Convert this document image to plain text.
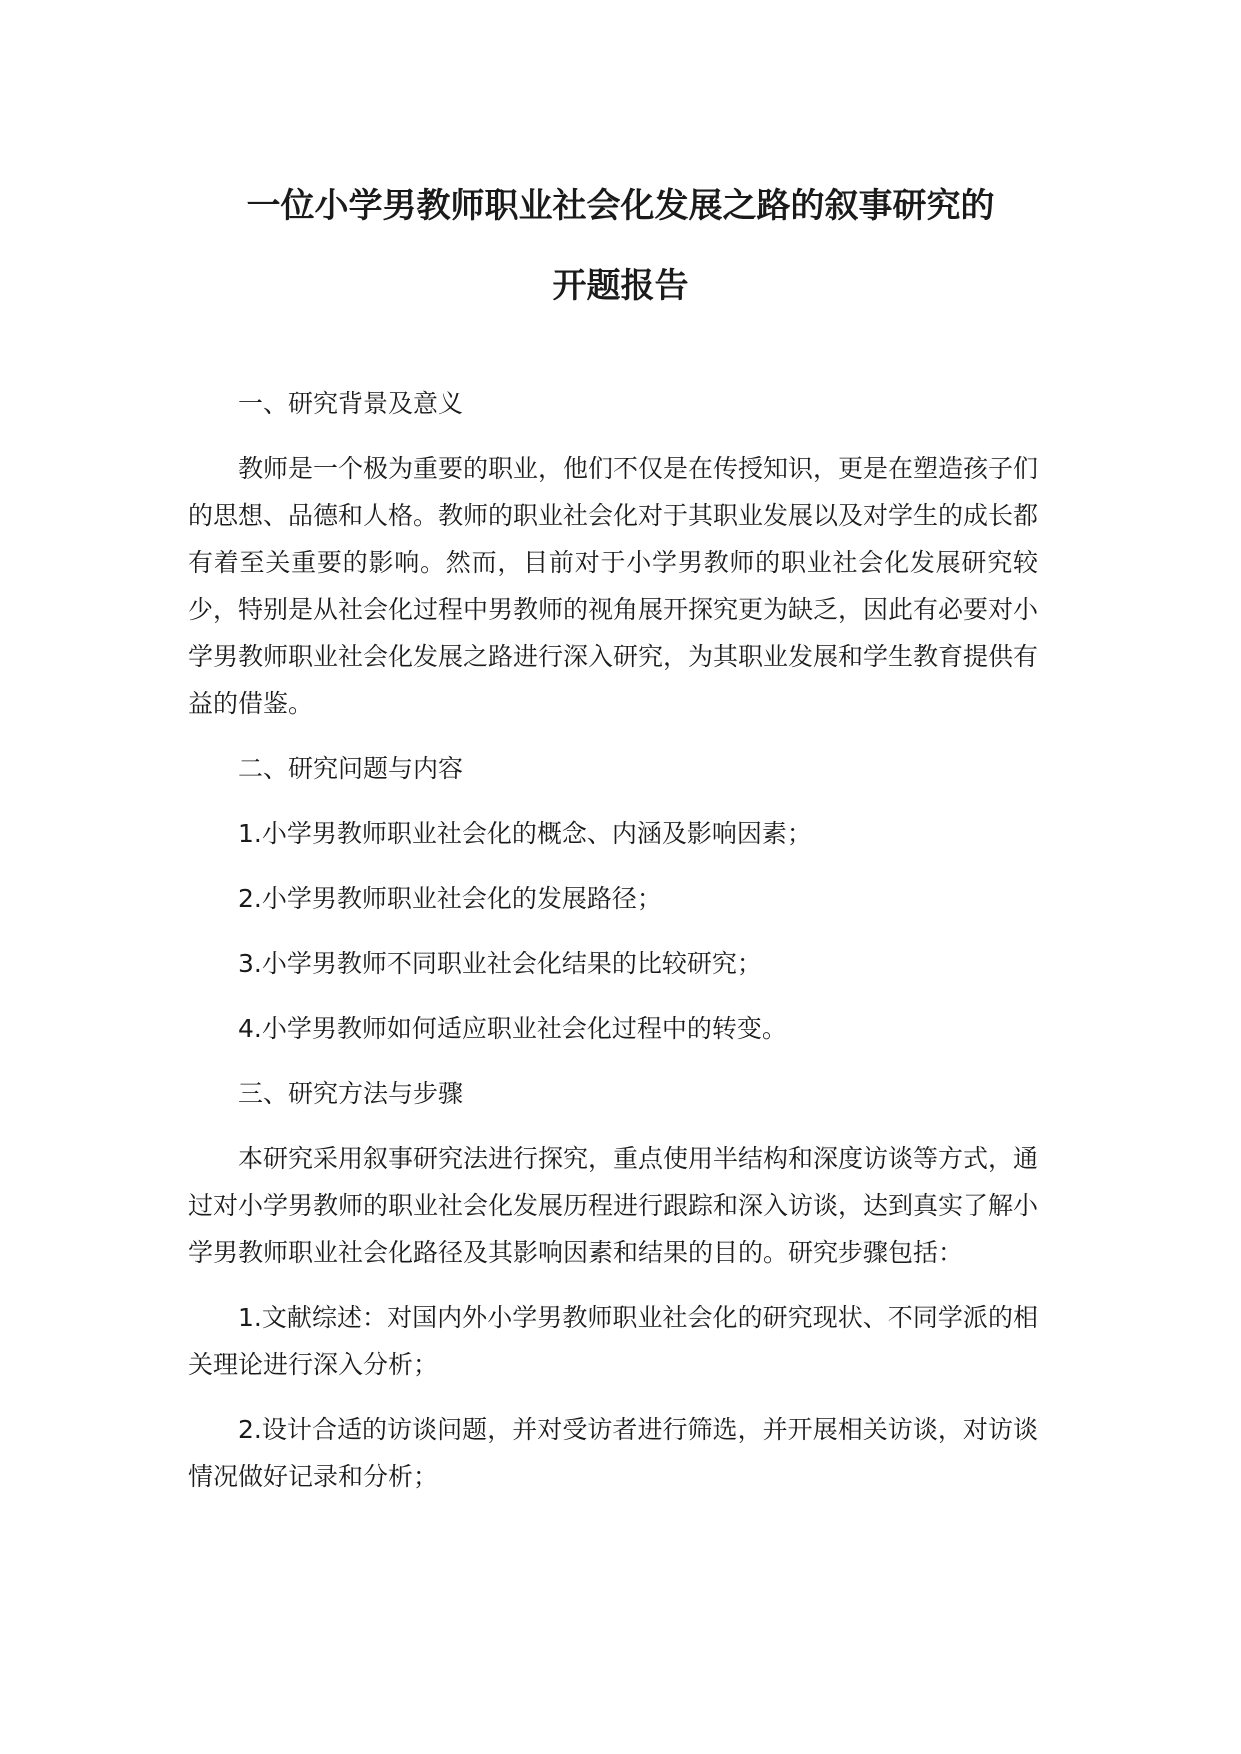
一位小学男教师职业社会化发展之路的叙事研究的
开题报告

一、研究背景及意义

教师是一个极为重要的职业，他们不仅是在传授知识，更是在塑造孩子们的思想、品德和人格。教师的职业社会化对于其职业发展以及对学生的成长都有着至关重要的影响。然而，目前对于小学男教师的职业社会化发展研究较少，特别是从社会化过程中男教师的视角展开探究更为缺乏，因此有必要对小学男教师职业社会化发展之路进行深入研究，为其职业发展和学生教育提供有益的借鉴。

二、研究问题与内容

1.小学男教师职业社会化的概念、内涵及影响因素；

2.小学男教师职业社会化的发展路径；

3.小学男教师不同职业社会化结果的比较研究；

4.小学男教师如何适应职业社会化过程中的转变。

三、研究方法与步骤

本研究采用叙事研究法进行探究，重点使用半结构和深度访谈等方式，通过对小学男教师的职业社会化发展历程进行跟踪和深入访谈，达到真实了解小学男教师职业社会化路径及其影响因素和结果的目的。研究步骤包括：

1.文献综述：对国内外小学男教师职业社会化的研究现状、不同学派的相关理论进行深入分析；

2.设计合适的访谈问题，并对受访者进行筛选，并开展相关访谈，对访谈情况做好记录和分析；
